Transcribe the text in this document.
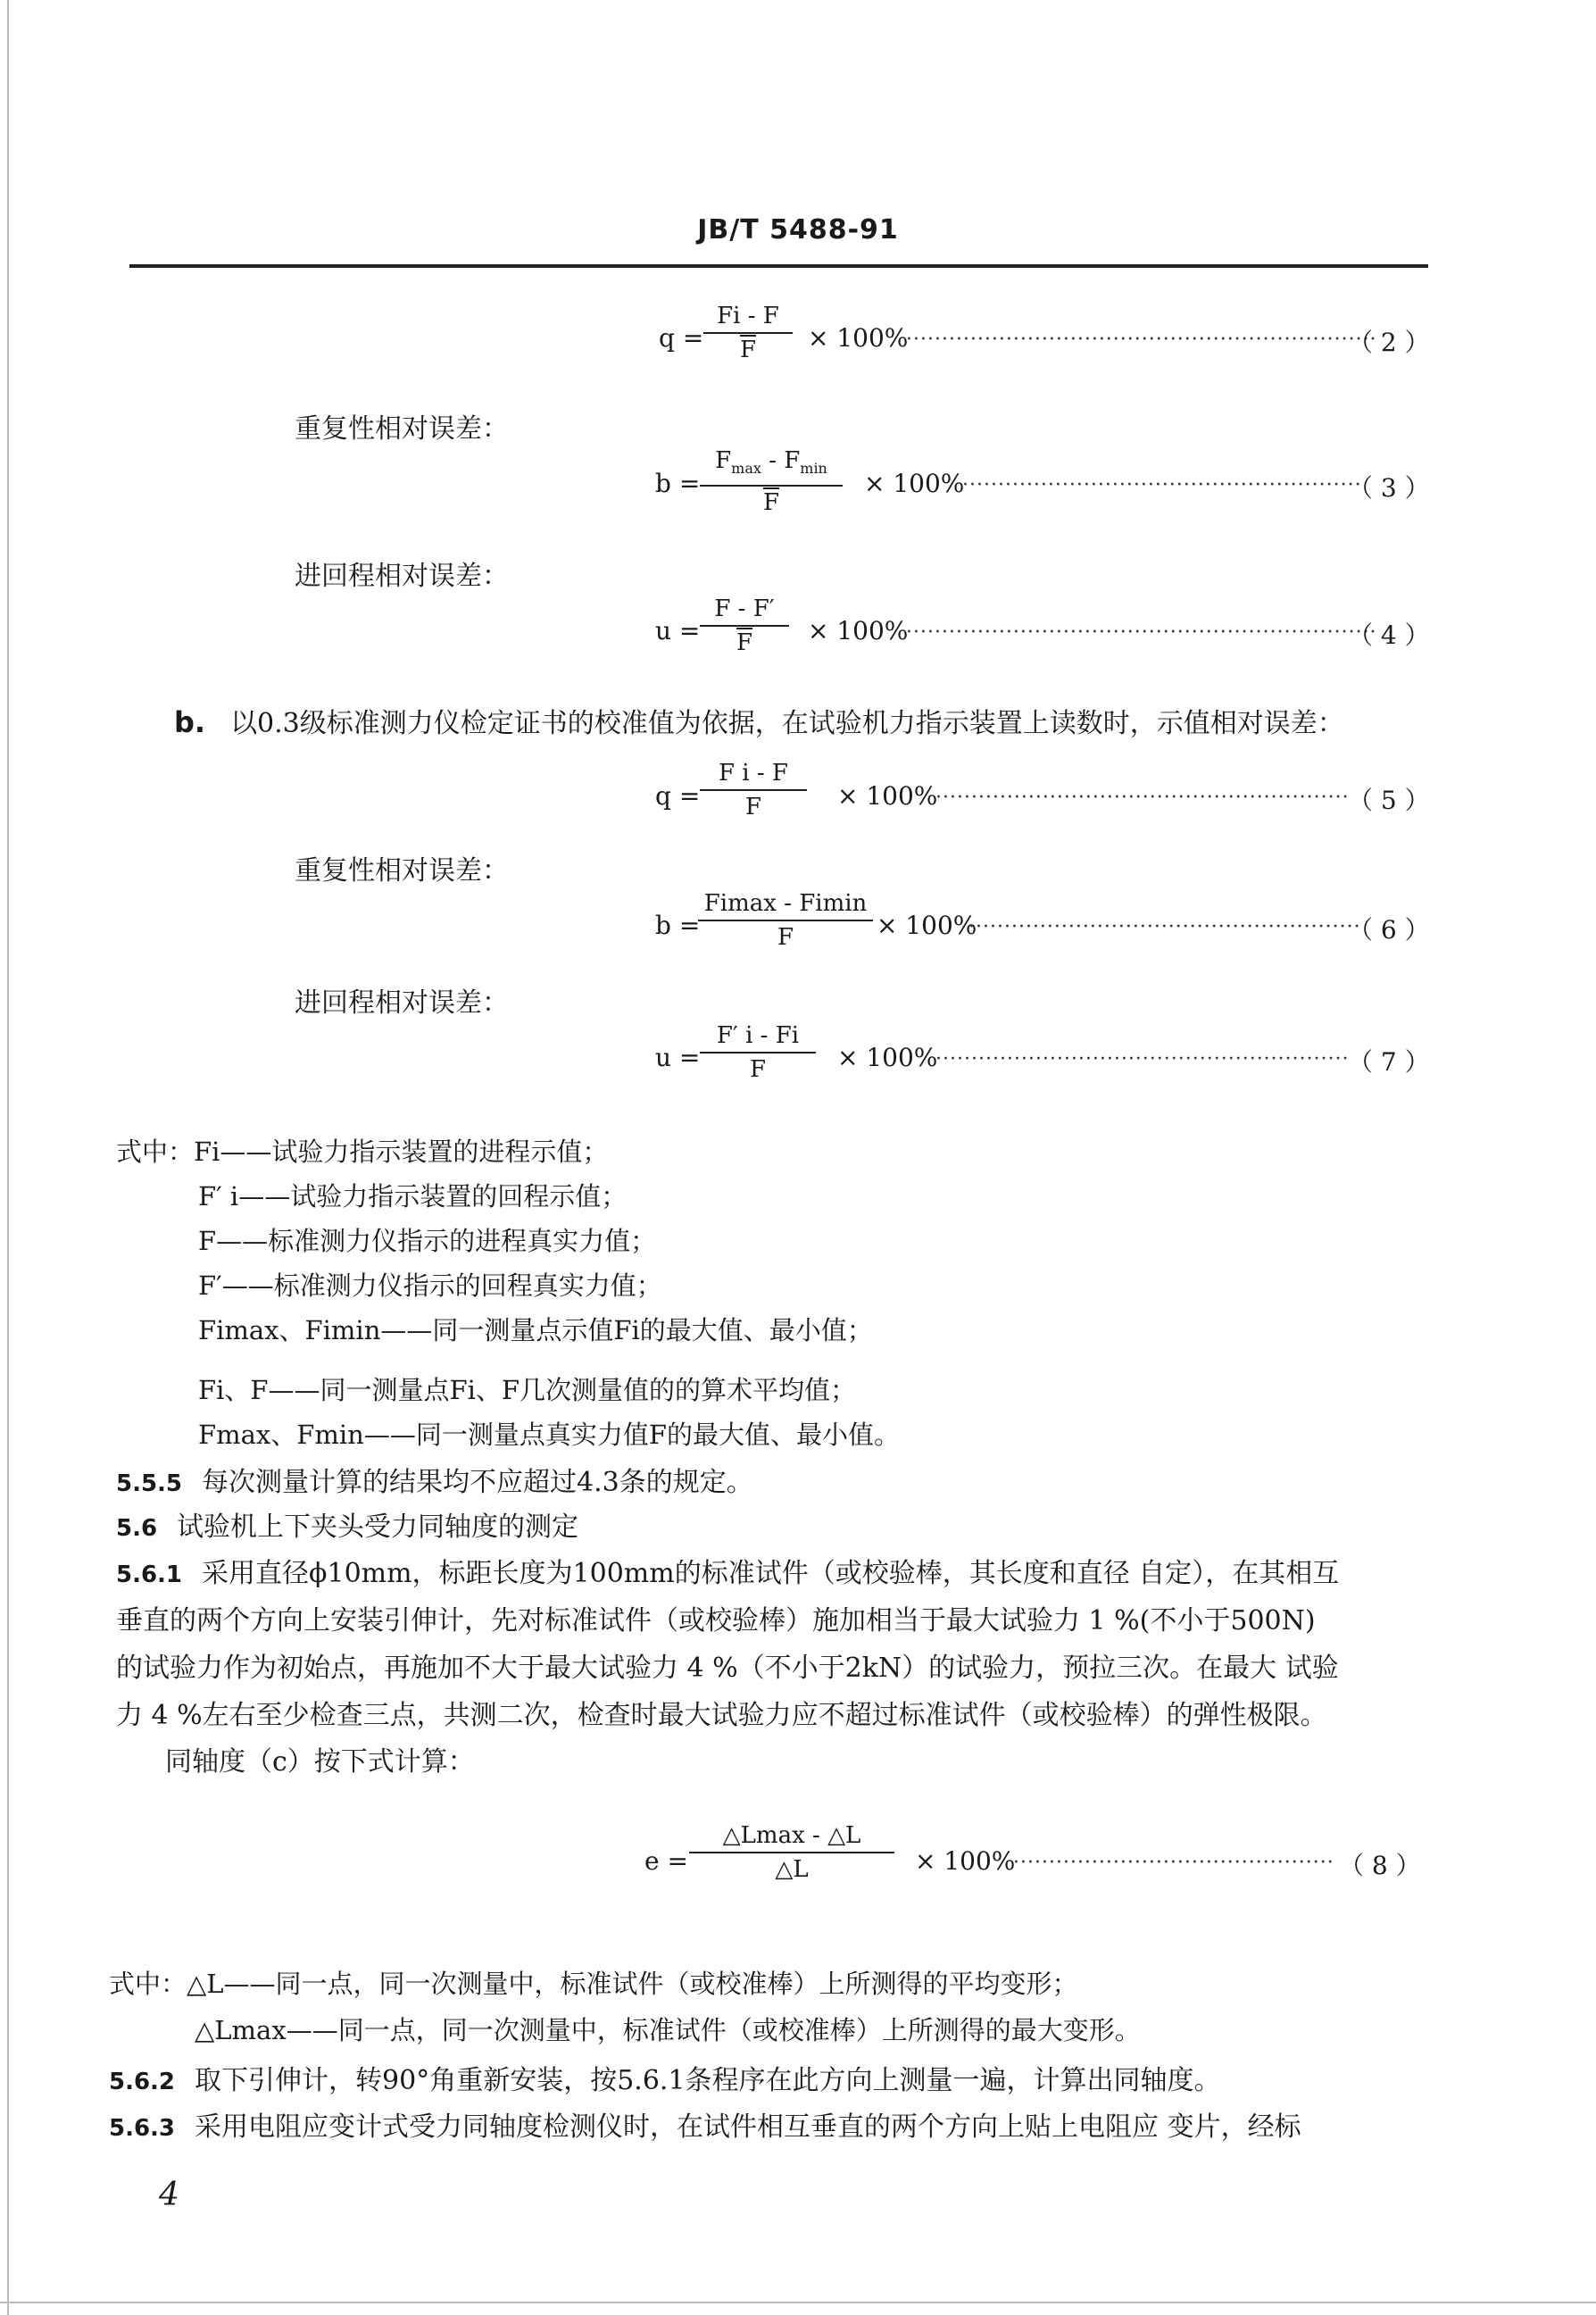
JB/T 5488-91
$q = \frac{Fi - F}{F} \times 100\%$
··································································
（ 2 ）
重复性相对误差：
b =
$F_{max} - F_{min}$
$\overline{F}$
× 100%
························································
（ 3 ）
进回程相对误差：
$u = \frac{F - F'}{F} \times 100\%$
··································································
（ 4 ）
b. 以0.3级标准测力仪检定证书的校准值为依据，在试验机力指示装置上读数时，示值相对误差：
q =
F i - F
F	× 100%
··························································
（ 5 ）
重复性相对误差：
b =
Fimax - Fimin
F	× 100%
·······················································
（ 6 ）
进回程相对误差：
u =
F′ i - Fi
F	× 100%
··························································
（ 7 ）
式中：Fi——试验力指示装置的进程示值；
F′ i——试验力指示装置的回程示值；
F——标准测力仪指示的进程真实力值；
F′——标准测力仪指示的回程真实力值；
Fimax、Fimin——同一测量点示值Fi的最大值、最小值；
Fi、F——同一测量点Fi、F几次测量值的的算术平均值；
Fmax、Fmin——同一测量点真实力值F的最大值、最小值。
5.5.5 每次测量计算的结果均不应超过4.3条的规定。
5.6 试验机上下夹头受力同轴度的测定
5.6.1 采用直径ϕ10mm，标距长度为100mm的标准试件（或校验棒，其长度和直径 自定），在其相互
垂直的两个方向上安装引伸计，先对标准试件（或校验棒）施加相当于最大试验力 1 %(不小于500N)
的试验力作为初始点，再施加不大于最大试验力 4 %（不小于2kN）的试验力，预拉三次。在最大 试验
力 4 %左右至少检查三点，共测二次，检查时最大试验力应不超过标准试件（或校验棒）的弹性极限。
同轴度（c）按下式计算：
e =
△Lmax - △L
△L	× 100%
············································· （ 8 ）
式中：△L——同一点，同一次测量中，标准试件（或校准棒）上所测得的平均变形；
△Lmax——同一点，同一次测量中，标准试件（或校准棒）上所测得的最大变形。
5.6.2 取下引伸计，转90°角重新安装，按5.6.1条程序在此方向上测量一遍，计算出同轴度。
5.6.3 采用电阻应变计式受力同轴度检测仪时，在试件相互垂直的两个方向上贴上电阻应 变片，经标
4
